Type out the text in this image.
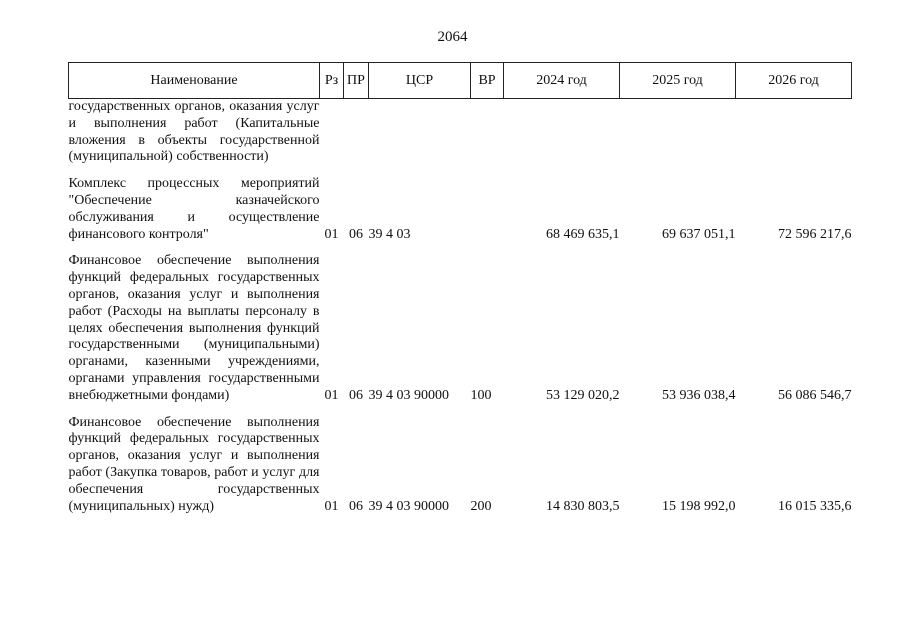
2064
Наименование	Рз	ПР	ЦСР	ВР	2024 год	2025 год	2026 год
государственных органов, оказания услуг и выполнения работ (Капитальные вложения в объекты государственной (муниципальной) собственности)							

Комплекс процессных мероприятий "Обеспечение казначейского обслуживания и осуществление финансового контроля"	01	06	39 4 03		68 469 635,1	69 637 051,1	72 596 217,6

Финансовое обеспечение выполнения функций федеральных государственных органов, оказания услуг и выполнения работ (Расходы на выплаты персоналу в целях обеспечения выполнения функций государственными (муниципальными) органами, казенными учреждениями, органами управления государственными внебюджетными фондами)	01	06	39 4 03 90000	100	53 129 020,2	53 936 038,4	56 086 546,7

Финансовое обеспечение выполнения функций федеральных государственных органов, оказания услуг и выполнения работ (Закупка товаров, работ и услуг для обеспечения государственных (муниципальных) нужд)	01	06	39 4 03 90000	200	14 830 803,5	15 198 992,0	16 015 335,6
